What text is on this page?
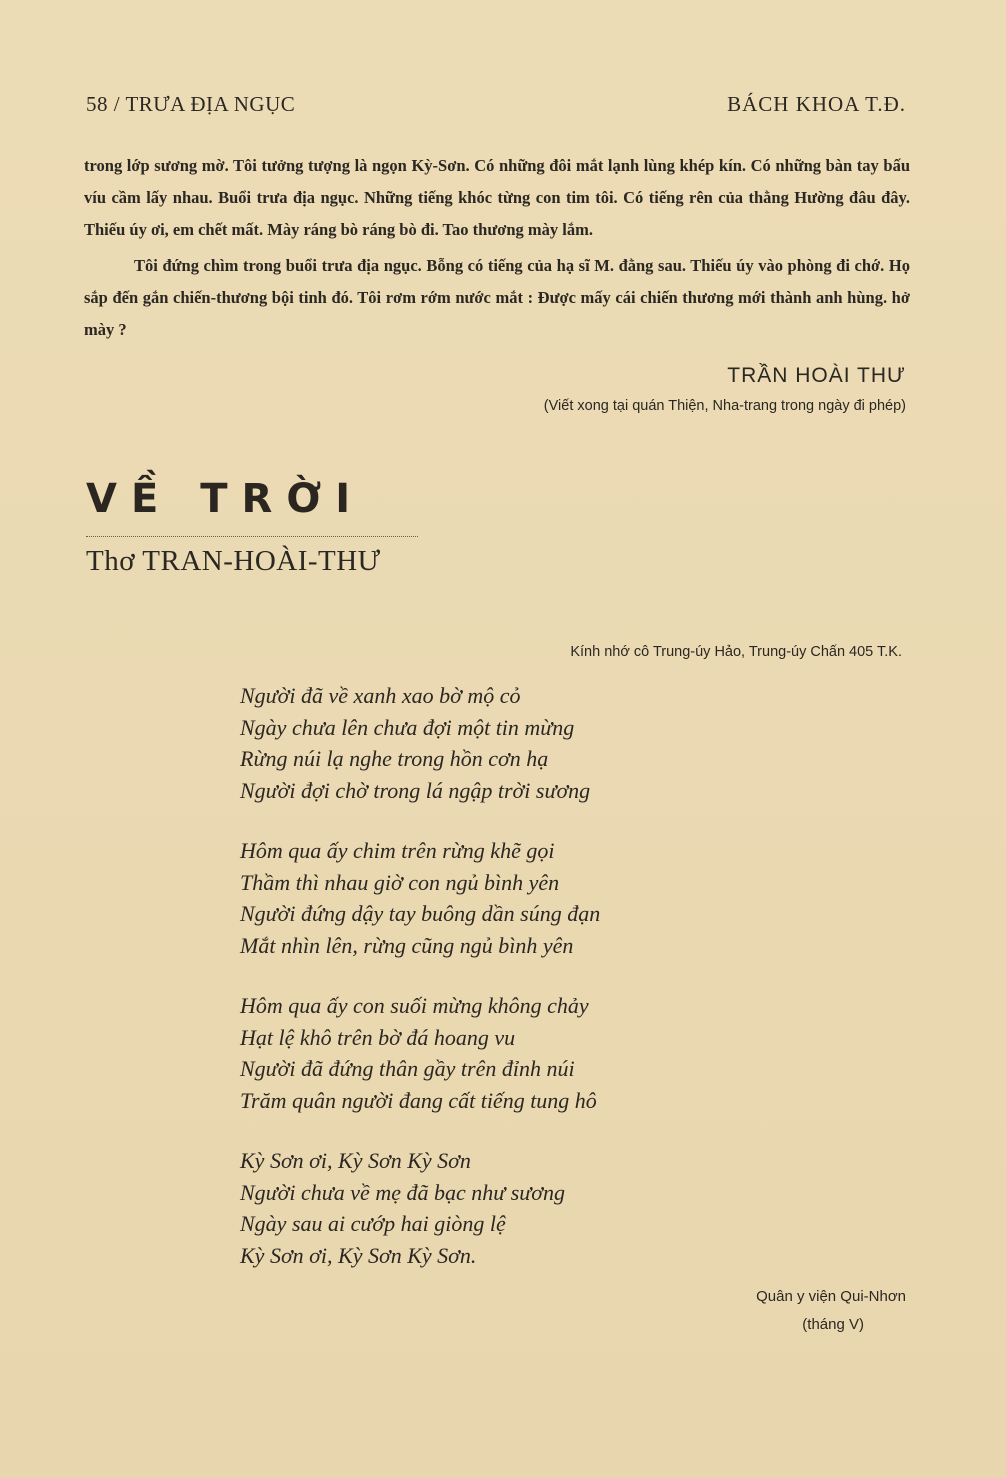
58 / TRƯA ĐỊA NGỤC	BÁCH KHOA T.Đ.

trong lớp sương mờ. Tôi tưởng tượng là ngọn Kỳ-Sơn. Có những đôi mắt lạnh lùng khép kín. Có những bàn tay bấu víu cầm lấy nhau. Buổi trưa địa ngục. Những tiếng khóc từng con tim tôi. Có tiếng rên của thằng Hường đâu đây. Thiếu úy ơi, em chết mất. Mày ráng bò ráng bò đi. Tao thương mày lắm.

Tôi đứng chìm trong buổi trưa địa ngục. Bỗng có tiếng của hạ sĩ M. đằng sau. Thiếu úy vào phòng đi chớ. Họ sắp đến gắn chiến-thương bội tinh đó. Tôi rơm rớm nước mắt : Được mấy cái chiến thương mới thành anh hùng. hở mày ?

TRẦN HOÀI THƯ
(Viết xong tại quán Thiện, Nha-trang trong ngày đi phép)
VỀ TRỜI
Thơ TRAN-HOÀI-THƯ
Kính nhớ cô Trung-úy Hảo, Trung-úy Chấn 405 T.K.
Người đã về xanh xao bờ mộ cỏ
Ngày chưa lên chưa đợi một tin mừng
Rừng núi lạ nghe trong hồn cơn hạ
Người đợi chờ trong lá ngập trời sương
Hôm qua ấy chim trên rừng khẽ gọi
Thầm thì nhau giờ con ngủ bình yên
Người đứng dậy tay buông dần súng đạn
Mắt nhìn lên, rừng cũng ngủ bình yên
Hôm qua ấy con suối mừng không chảy
Hạt lệ khô trên bờ đá hoang vu
Người đã đứng thân gầy trên đỉnh núi
Trăm quân người đang cất tiếng tung hô
Kỳ Sơn ơi, Kỳ Sơn Kỳ Sơn
Người chưa về mẹ đã bạc như sương
Ngày sau ai cướp hai giòng lệ
Kỳ Sơn ơi, Kỳ Sơn Kỳ Sơn.
Quân y viện Qui-Nhơn
(tháng V)
